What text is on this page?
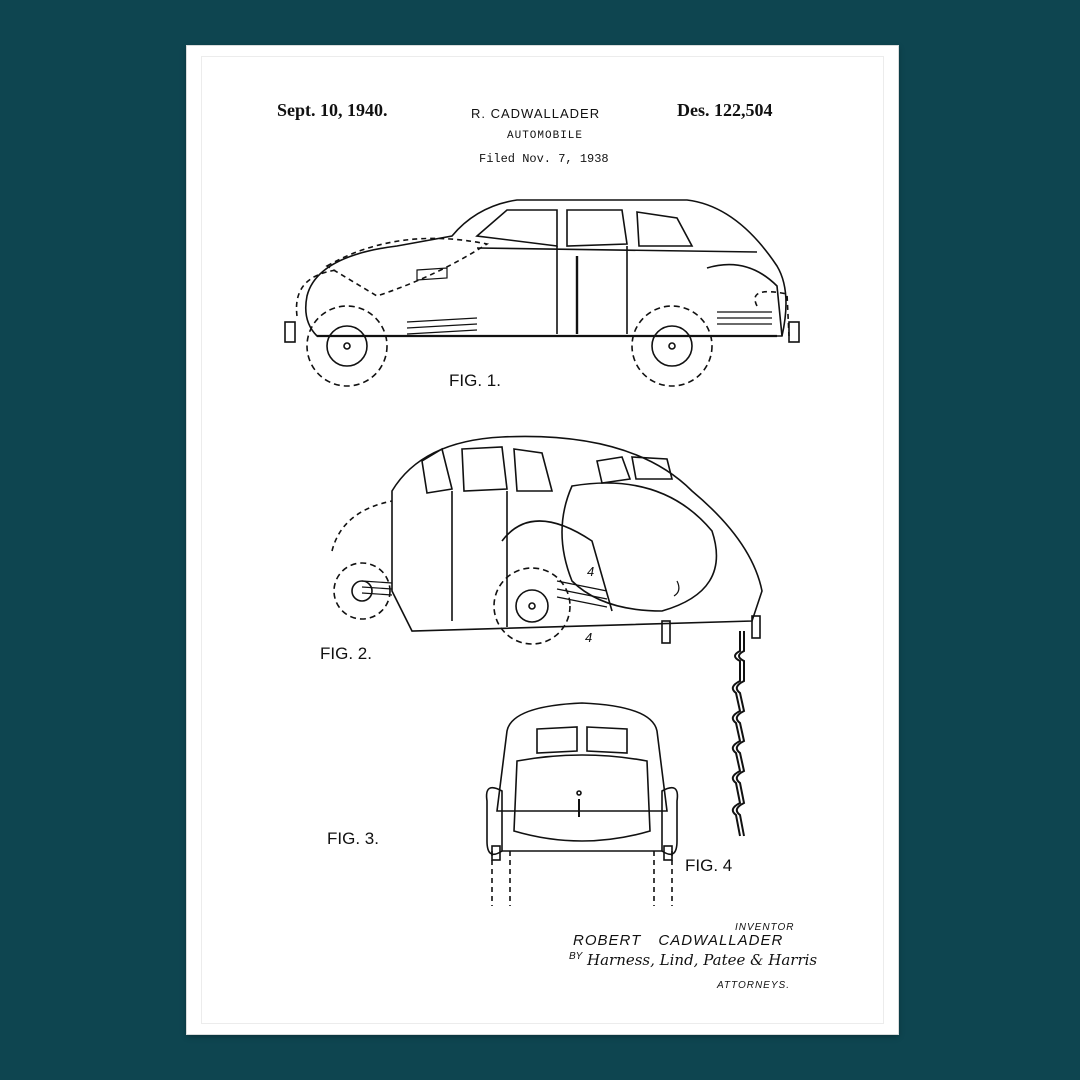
Sept. 10, 1940.	R. CADWALLADER	Des. 122,504
AUTOMOBILE
Filed Nov. 7, 1938
FIG. 1.
4
4
FIG. 2.
FIG. 3.
FIG. 4
INVENTOR
ROBERT CADWALLADER
BY Harness, Lind, Patee & Harris
ATTORNEYS.
